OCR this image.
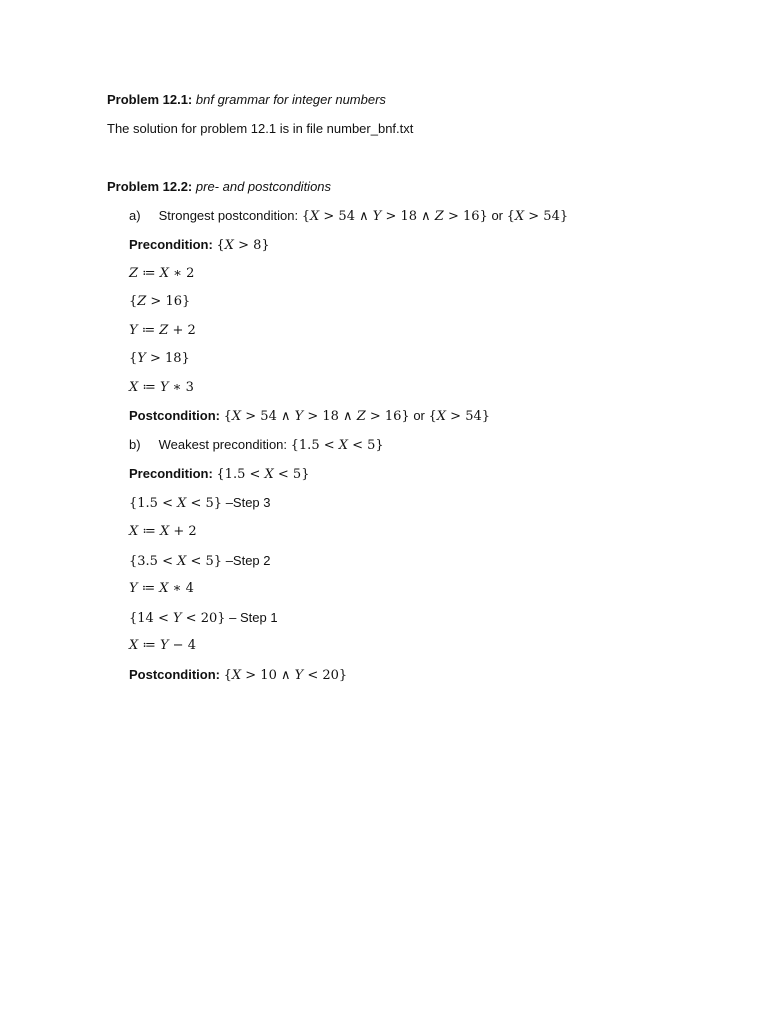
Problem 12.1: bnf grammar for integer numbers
The solution for problem 12.1 is in file number_bnf.txt
Problem 12.2: pre- and postconditions
a) Strongest postcondition: {𝑋 > 54 ∧ 𝑌 > 18 ∧ 𝑍 > 16} or {𝑋 > 54}
Precondition: {𝑋 > 8}
𝑍 ≔ 𝑋 ∗ 2
{𝑍 > 16}
𝑌 ≔ 𝑍 + 2
{𝑌 > 18}
𝑋 ≔ 𝑌 ∗ 3
Postcondition: {𝑋 > 54 ∧ 𝑌 > 18 ∧ 𝑍 > 16} or {𝑋 > 54}
b) Weakest precondition: {1.5 < 𝑋 < 5}
Precondition: {1.5 < 𝑋 < 5}
{1.5 < 𝑋 < 5} –Step 3
𝑋 ≔ 𝑋 + 2
{3.5 < 𝑋 < 5} –Step 2
𝑌 ≔ 𝑋 ∗ 4
{14 < 𝑌 < 20} – Step 1
𝑋 ≔ 𝑌 − 4
Postcondition: {𝑋 > 10 ∧ 𝑌 < 20}
